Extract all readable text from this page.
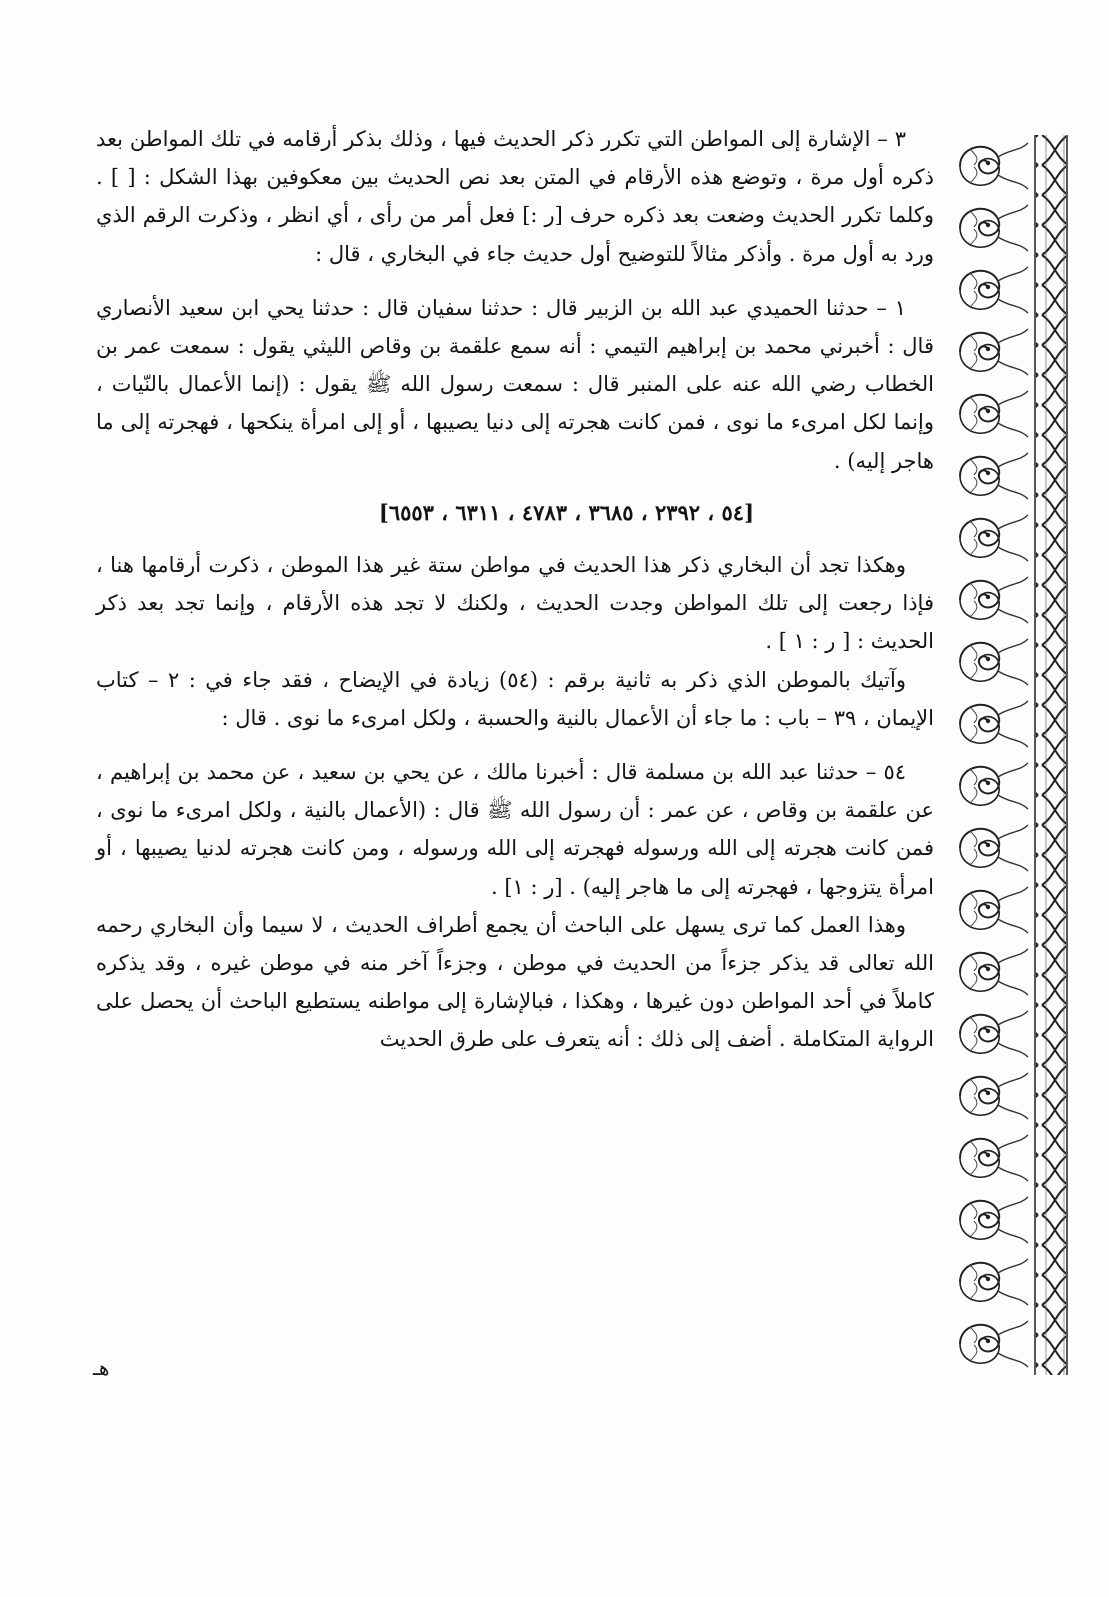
٣ – الإشارة إلى المواطن التي تكرر ذكر الحديث فيها ، وذلك بذكر أرقامه في تلك المواطن بعد ذكره أول مرة ، وتوضع هذه الأرقام في المتن بعد نص الحديث بين معكوفين بهذا الشكل : [ ] . وكلما تكرر الحديث وضعت بعد ذكره حرف [ر :] فعل أمر من رأى ، أي انظر ، وذكرت الرقم الذي ورد به أول مرة . وأذكر مثالاً للتوضيح أول حديث جاء في البخاري ، قال :

١ – حدثنا الحميدي عبد الله بن الزبير قال : حدثنا سفيان قال : حدثنا يحي ابن سعيد الأنصاري قال : أخبرني محمد بن إبراهيم التيمي : أنه سمع علقمة بن وقاص الليثي يقول : سمعت عمر بن الخطاب رضي الله عنه على المنبر قال : سمعت رسول الله ﷺ يقول : (إنما الأعمال بالنّيات ، وإنما لكل امرىء ما نوى ، فمن كانت هجرته إلى دنيا يصيبها ، أو إلى امرأة ينكحها ، فهجرته إلى ما هاجر إليه) .

[٥٤ ، ٢٣٩٢ ، ٣٦٨٥ ، ٤٧٨٣ ، ٦٣١١ ، ٦٥٥٣]

وهكذا تجد أن البخاري ذكر هذا الحديث في مواطن ستة غير هذا الموطن ، ذكرت أرقامها هنا ، فإذا رجعت إلى تلك المواطن وجدت الحديث ، ولكنك لا تجد هذه الأرقام ، وإنما تجد بعد ذكر الحديث : [ ر : ١ ] .

وآتيك بالموطن الذي ذكر به ثانية برقم : (٥٤) زيادة في الإيضاح ، فقد جاء في : ٢ – كتاب الإيمان ، ٣٩ – باب : ما جاء أن الأعمال بالنية والحسبة ، ولكل امرىء ما نوى . قال :

٥٤ – حدثنا عبد الله بن مسلمة قال : أخبرنا مالك ، عن يحي بن سعيد ، عن محمد بن إبراهيم ، عن علقمة بن وقاص ، عن عمر : أن رسول الله ﷺ قال : (الأعمال بالنية ، ولكل امرىء ما نوى ، فمن كانت هجرته إلى الله ورسوله فهجرته إلى الله ورسوله ، ومن كانت هجرته لدنيا يصيبها ، أو امرأة يتزوجها ، فهجرته إلى ما هاجر إليه) . [ر : ١] .

وهذا العمل كما ترى يسهل على الباحث أن يجمع أطراف الحديث ، لا سيما وأن البخاري رحمه الله تعالى قد يذكر جزءاً من الحديث في موطن ، وجزءاً آخر منه في موطن غيره ، وقد يذكره كاملاً في أحد المواطن دون غيرها ، وهكذا ، فبالإشارة إلى مواطنه يستطيع الباحث أن يحصل على الرواية المتكاملة . أضف إلى ذلك : أنه يتعرف على طرق الحديث

هـ
